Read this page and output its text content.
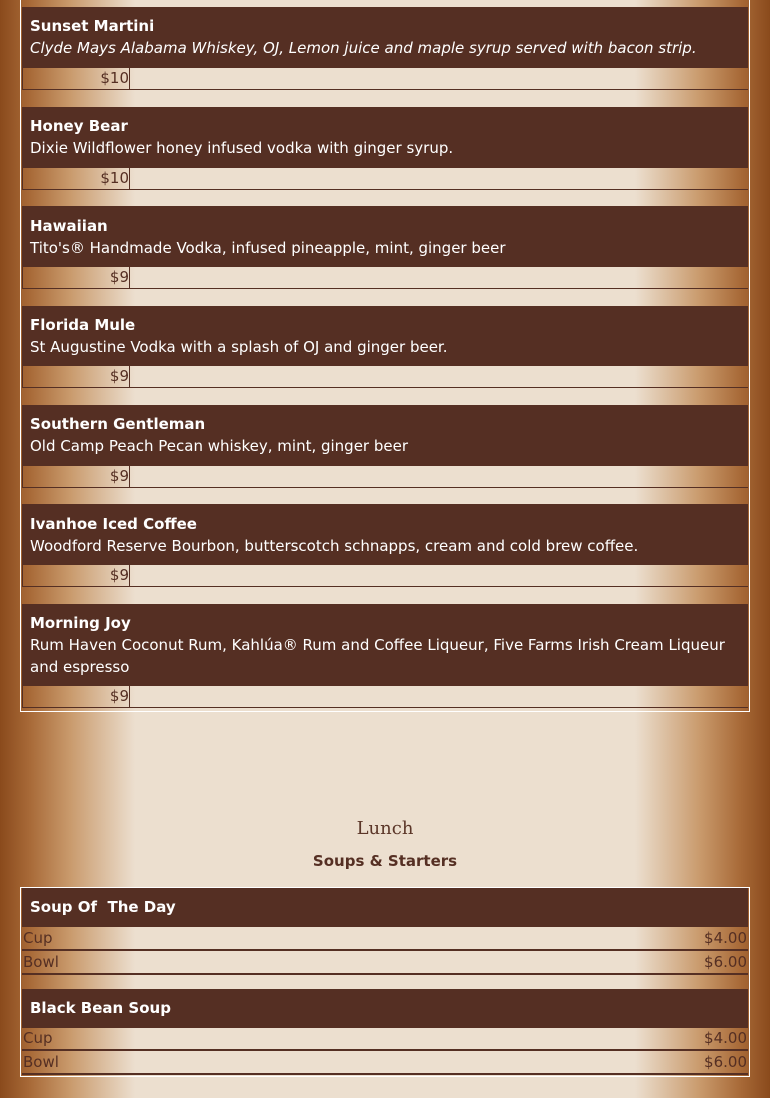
Sunset Martini
Clyde Mays Alabama Whiskey, OJ, Lemon juice and maple syrup served with bacon strip.
$10
Honey Bear
Dixie Wildflower honey infused vodka with ginger syrup.
$10
Hawaiian
Tito's® Handmade Vodka, infused pineapple, mint, ginger beer
$9
Florida Mule
St Augustine Vodka with a splash of OJ and ginger beer.
$9
Southern Gentleman
Old Camp Peach Pecan whiskey, mint, ginger beer
$9
Ivanhoe Iced Coffee
Woodford Reserve Bourbon, butterscotch schnapps, cream and cold brew coffee.
$9
Morning Joy
Rum Haven Coconut Rum, Kahlúa® Rum and Coffee Liqueur, Five Farms Irish Cream Liqueur and espresso
$9
Lunch
Soups & Starters
Soup Of  The Day
Cup	$4.00
Bowl	$6.00
Black Bean Soup
Cup	$4.00
Bowl	$6.00
